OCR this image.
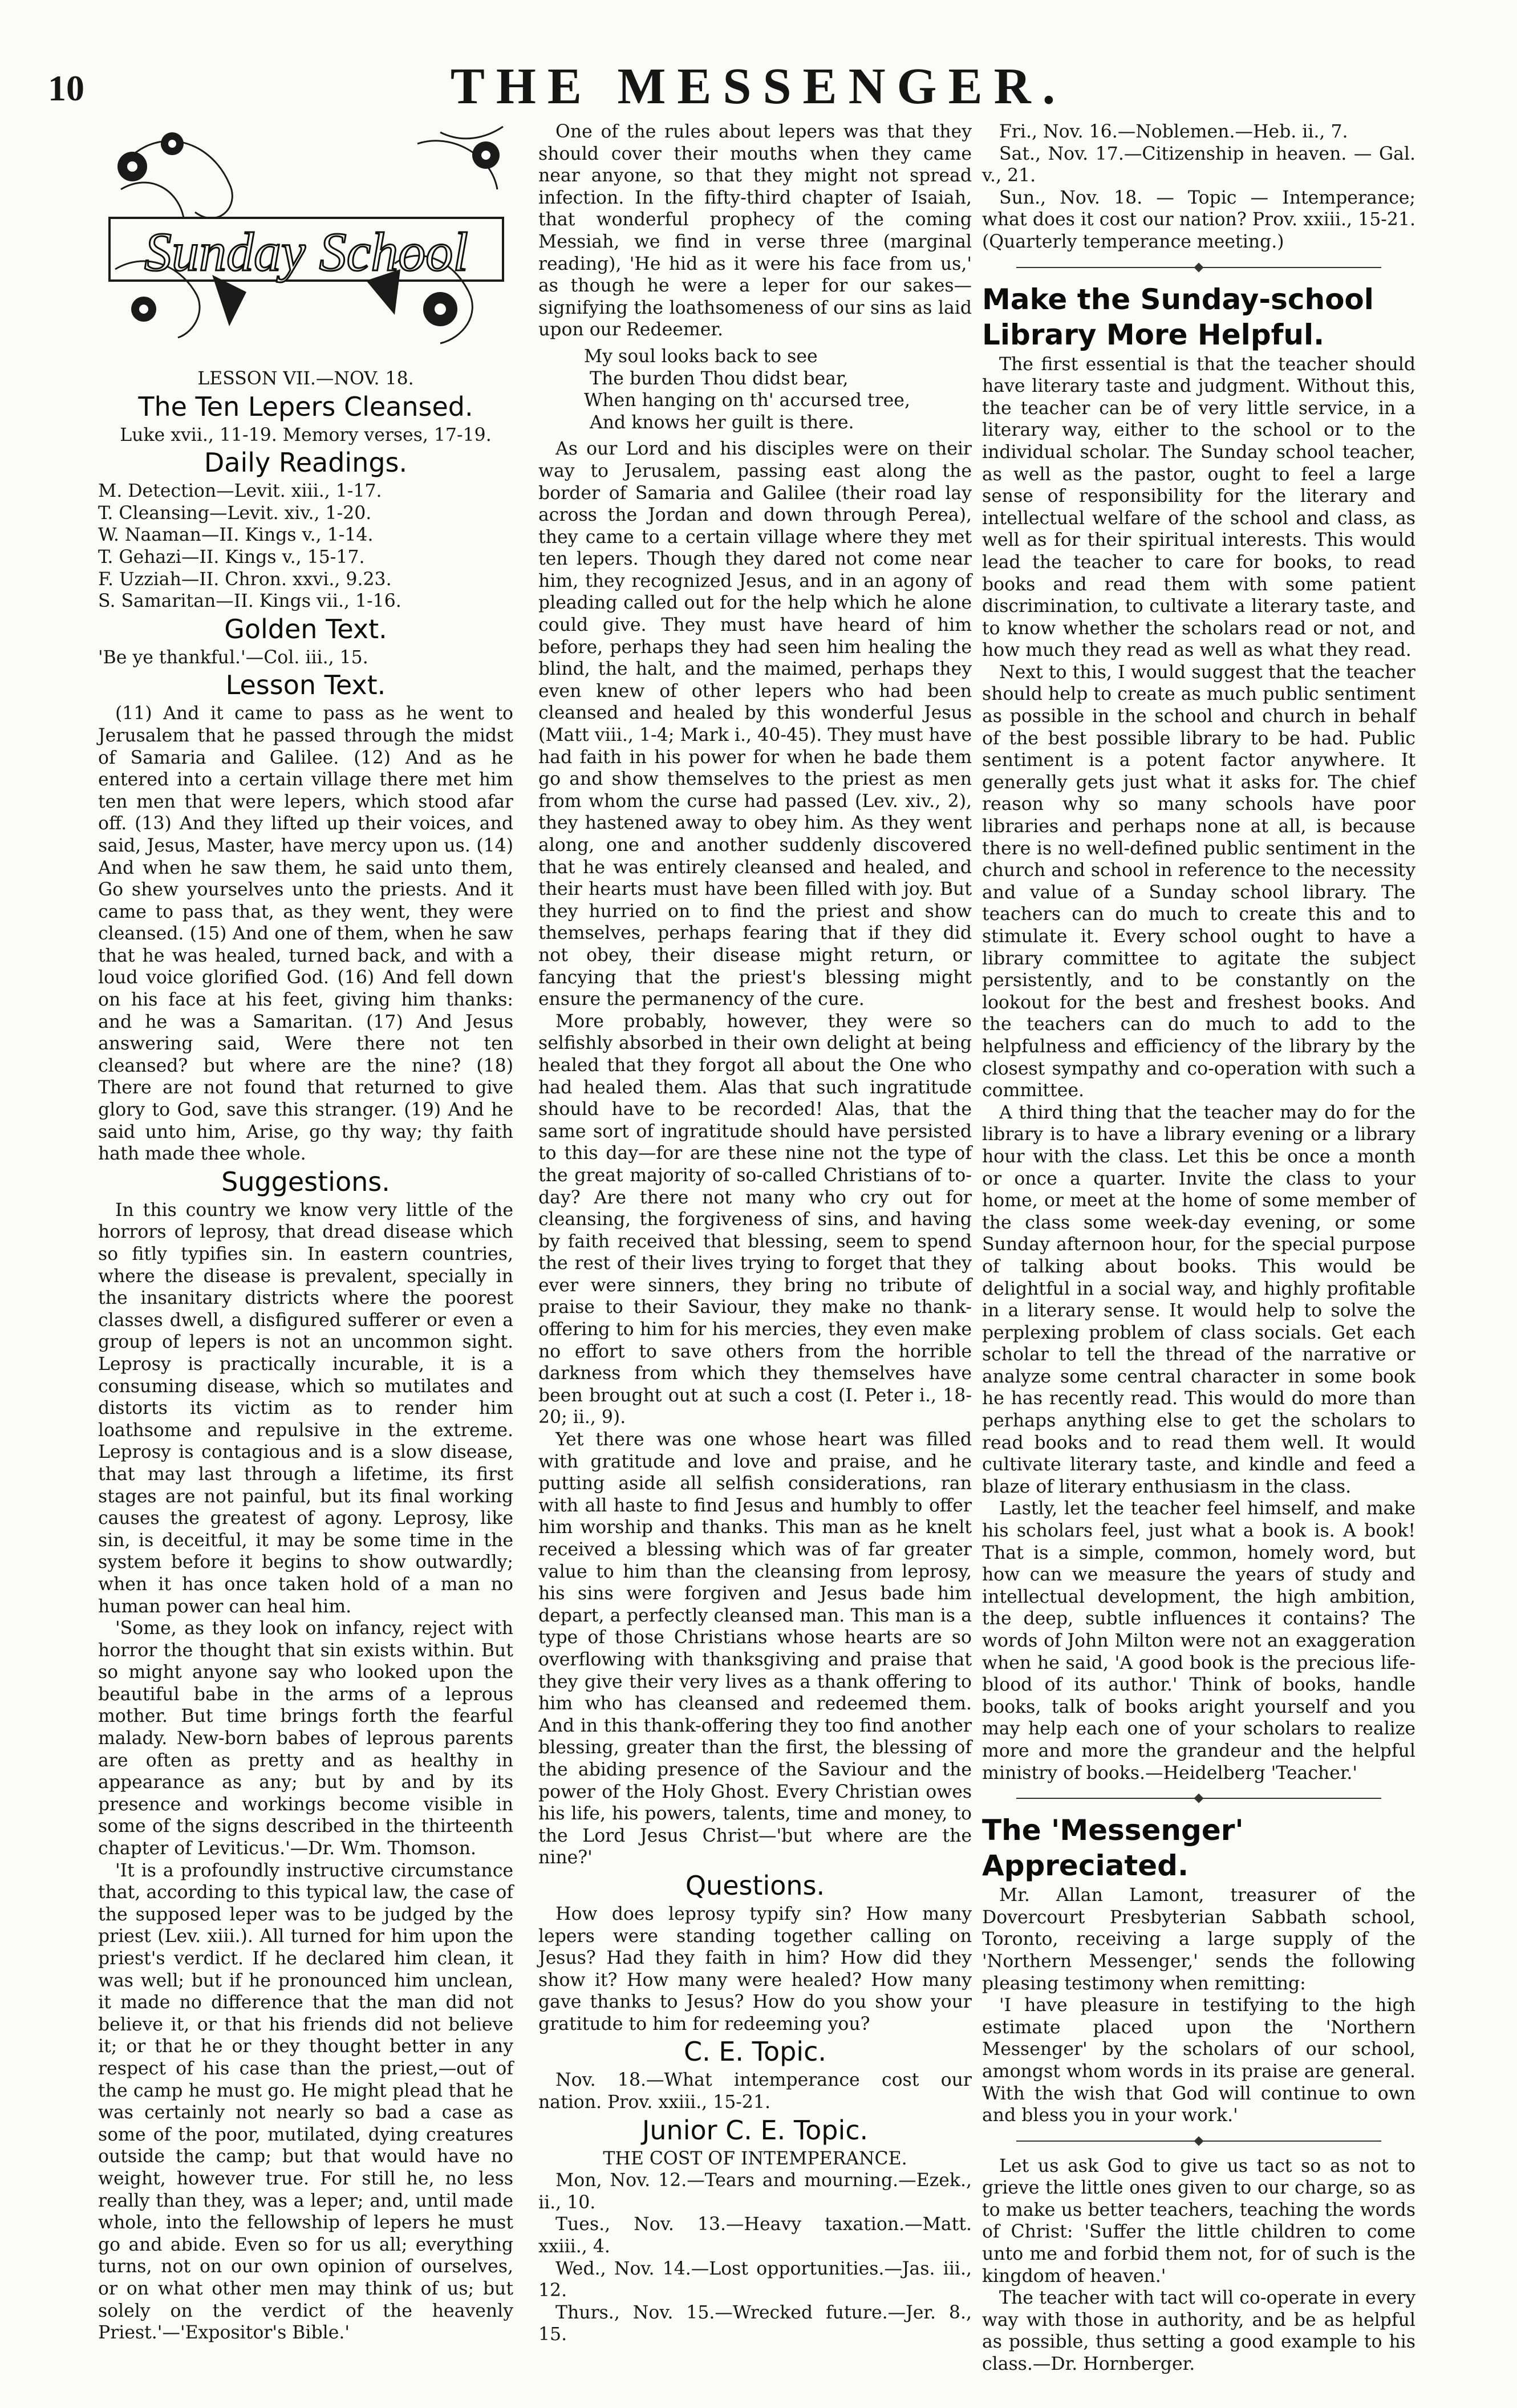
10	THE MESSENGER.
Sunday School
LESSON VII.—NOV. 18.
The Ten Lepers Cleansed.
Luke xvii., 11-19. Memory verses, 17-19.
Daily Readings.
M. Detection—Levit. xiii., 1-17.
T. Cleansing—Levit. xiv., 1-20.
W. Naaman—II. Kings v., 1-14.
T. Gehazi—II. Kings v., 15-17.
F. Uzziah—II. Chron. xxvi., 9.23.
S. Samaritan—II. Kings vii., 1-16.
Golden Text.

'Be ye thankful.'—Col. iii., 15.

Lesson Text.

(11) And it came to pass as he went to Jerusalem that he passed through the midst of Samaria and Galilee. (12) And as he entered into a certain village there met him ten men that were lepers, which stood afar off. (13) And they lifted up their voices, and said, Jesus, Master, have mercy upon us. (14) And when he saw them, he said unto them, Go shew yourselves unto the priests. And it came to pass that, as they went, they were cleansed. (15) And one of them, when he saw that he was healed, turned back, and with a loud voice glorified God. (16) And fell down on his face at his feet, giving him thanks: and he was a Samaritan. (17) And Jesus answering said, Were there not ten cleansed? but where are the nine? (18) There are not found that returned to give glory to God, save this stranger. (19) And he said unto him, Arise, go thy way; thy faith hath made thee whole.

Suggestions.

In this country we know very little of the horrors of leprosy, that dread disease which so fitly typifies sin. In eastern countries, where the disease is prevalent, specially in the insanitary districts where the poorest classes dwell, a disfigured sufferer or even a group of lepers is not an uncommon sight. Leprosy is practically incurable, it is a consuming disease, which so mutilates and distorts its victim as to render him loathsome and repulsive in the extreme. Leprosy is contagious and is a slow disease, that may last through a lifetime, its first stages are not painful, but its final working causes the greatest of agony. Leprosy, like sin, is deceitful, it may be some time in the system before it begins to show outwardly; when it has once taken hold of a man no human power can heal him.

'Some, as they look on infancy, reject with horror the thought that sin exists within. But so might anyone say who looked upon the beautiful babe in the arms of a leprous mother. But time brings forth the fearful malady. New-born babes of leprous parents are often as pretty and as healthy in appearance as any; but by and by its presence and workings become visible in some of the signs described in the thirteenth chapter of Leviticus.'—Dr. Wm. Thomson.

'It is a profoundly instructive circumstance that, according to this typical law, the case of the supposed leper was to be judged by the priest (Lev. xiii.). All turned for him upon the priest's verdict. If he declared him clean, it was well; but if he pronounced him unclean, it made no difference that the man did not believe it, or that his friends did not believe it; or that he or they thought better in any respect of his case than the priest,—out of the camp he must go. He might plead that he was certainly not nearly so bad a case as some of the poor, mutilated, dying creatures outside the camp; but that would have no weight, however true. For still he, no less really than they, was a leper; and, until made whole, into the fellowship of lepers he must go and abide. Even so for us all; everything turns, not on our own opinion of ourselves, or on what other men may think of us; but solely on the verdict of the heavenly Priest.'—'Expositor's Bible.'

One of the rules about lepers was that they should cover their mouths when they came near anyone, so that they might not spread infection. In the fifty-third chapter of Isaiah, that wonderful prophecy of the coming Messiah, we find in verse three (marginal reading), 'He hid as it were his face from us,' as though he were a leper for our sakes—signifying the loathsomeness of our sins as laid upon our Redeemer.

My soul looks back to see
The burden Thou didst bear,
When hanging on th' accursed tree,
And knows her guilt is there.

As our Lord and his disciples were on their way to Jerusalem, passing east along the border of Samaria and Galilee (their road lay across the Jordan and down through Perea), they came to a certain village where they met ten lepers. Though they dared not come near him, they recognized Jesus, and in an agony of pleading called out for the help which he alone could give. They must have heard of him before, perhaps they had seen him healing the blind, the halt, and the maimed, perhaps they even knew of other lepers who had been cleansed and healed by this wonderful Jesus (Matt viii., 1-4; Mark i., 40-45). They must have had faith in his power for when he bade them go and show themselves to the priest as men from whom the curse had passed (Lev. xiv., 2), they hastened away to obey him. As they went along, one and another suddenly discovered that he was entirely cleansed and healed, and their hearts must have been filled with joy. But they hurried on to find the priest and show themselves, perhaps fearing that if they did not obey, their disease might return, or fancying that the priest's blessing might ensure the permanency of the cure.

More probably, however, they were so selfishly absorbed in their own delight at being healed that they forgot all about the One who had healed them. Alas that such ingratitude should have to be recorded! Alas, that the same sort of ingratitude should have persisted to this day—for are these nine not the type of the great majority of so-called Christians of to-day? Are there not many who cry out for cleansing, the forgiveness of sins, and having by faith received that blessing, seem to spend the rest of their lives trying to forget that they ever were sinners, they bring no tribute of praise to their Saviour, they make no thank-offering to him for his mercies, they even make no effort to save others from the horrible darkness from which they themselves have been brought out at such a cost (I. Peter i., 18-20; ii., 9).

Yet there was one whose heart was filled with gratitude and love and praise, and he putting aside all selfish considerations, ran with all haste to find Jesus and humbly to offer him worship and thanks. This man as he knelt received a blessing which was of far greater value to him than the cleansing from leprosy, his sins were forgiven and Jesus bade him depart, a perfectly cleansed man. This man is a type of those Christians whose hearts are so overflowing with thanksgiving and praise that they give their very lives as a thank offering to him who has cleansed and redeemed them. And in this thank-offering they too find another blessing, greater than the first, the blessing of the abiding presence of the Saviour and the power of the Holy Ghost. Every Christian owes his life, his powers, talents, time and money, to the Lord Jesus Christ—'but where are the nine?'

Questions.

How does leprosy typify sin? How many lepers were standing together calling on Jesus? Had they faith in him? How did they show it? How many were healed? How many gave thanks to Jesus? How do you show your gratitude to him for redeeming you?

C. E. Topic.

Nov. 18.—What intemperance cost our nation. Prov. xxiii., 15-21.

Junior C. E. Topic.
THE COST OF INTEMPERANCE.

Mon, Nov. 12.—Tears and mourning.—Ezek., ii., 10.

Tues., Nov. 13.—Heavy taxation.—Matt. xxiii., 4.

Wed., Nov. 14.—Lost opportunities.—Jas. iii., 12.

Thurs., Nov. 15.—Wrecked future.—Jer. 8., 15.

Fri., Nov. 16.—Noblemen.—Heb. ii., 7.

Sat., Nov. 17.—Citizenship in heaven. — Gal. v., 21.

Sun., Nov. 18. — Topic — Intemperance; what does it cost our nation? Prov. xxiii., 15-21. (Quarterly temperance meeting.)

Make the Sunday-school Library More Helpful.

The first essential is that the teacher should have literary taste and judgment. Without this, the teacher can be of very little service, in a literary way, either to the school or to the individual scholar. The Sunday school teacher, as well as the pastor, ought to feel a large sense of responsibility for the literary and intellectual welfare of the school and class, as well as for their spiritual interests. This would lead the teacher to care for books, to read books and read them with some patient discrimination, to cultivate a literary taste, and to know whether the scholars read or not, and how much they read as well as what they read.

Next to this, I would suggest that the teacher should help to create as much public sentiment as possible in the school and church in behalf of the best possible library to be had. Public sentiment is a potent factor anywhere. It generally gets just what it asks for. The chief reason why so many schools have poor libraries and perhaps none at all, is because there is no well-defined public sentiment in the church and school in reference to the necessity and value of a Sunday school library. The teachers can do much to create this and to stimulate it. Every school ought to have a library committee to agitate the subject persistently, and to be constantly on the lookout for the best and freshest books. And the teachers can do much to add to the helpfulness and efficiency of the library by the closest sympathy and co-operation with such a committee.

A third thing that the teacher may do for the library is to have a library evening or a library hour with the class. Let this be once a month or once a quarter. Invite the class to your home, or meet at the home of some member of the class some week-day evening, or some Sunday afternoon hour, for the special purpose of talking about books. This would be delightful in a social way, and highly profitable in a literary sense. It would help to solve the perplexing problem of class socials. Get each scholar to tell the thread of the narrative or analyze some central character in some book he has recently read. This would do more than perhaps anything else to get the scholars to read books and to read them well. It would cultivate literary taste, and kindle and feed a blaze of literary enthusiasm in the class.

Lastly, let the teacher feel himself, and make his scholars feel, just what a book is. A book! That is a simple, common, homely word, but how can we measure the years of study and intellectual development, the high ambition, the deep, subtle influences it contains? The words of John Milton were not an exaggeration when he said, 'A good book is the precious life-blood of its author.' Think of books, handle books, talk of books aright yourself and you may help each one of your scholars to realize more and more the grandeur and the helpful ministry of books.—Heidelberg 'Teacher.'

The 'Messenger' Appreciated.

Mr. Allan Lamont, treasurer of the Dovercourt Presbyterian Sabbath school, Toronto, receiving a large supply of the 'Northern Messenger,' sends the following pleasing testimony when remitting:

'I have pleasure in testifying to the high estimate placed upon the 'Northern Messenger' by the scholars of our school, amongst whom words in its praise are general. With the wish that God will continue to own and bless you in your work.'

Let us ask God to give us tact so as not to grieve the little ones given to our charge, so as to make us better teachers, teaching the words of Christ: 'Suffer the little children to come unto me and forbid them not, for of such is the kingdom of heaven.'

The teacher with tact will co-operate in every way with those in authority, and be as helpful as possible, thus setting a good example to his class.—Dr. Hornberger.
